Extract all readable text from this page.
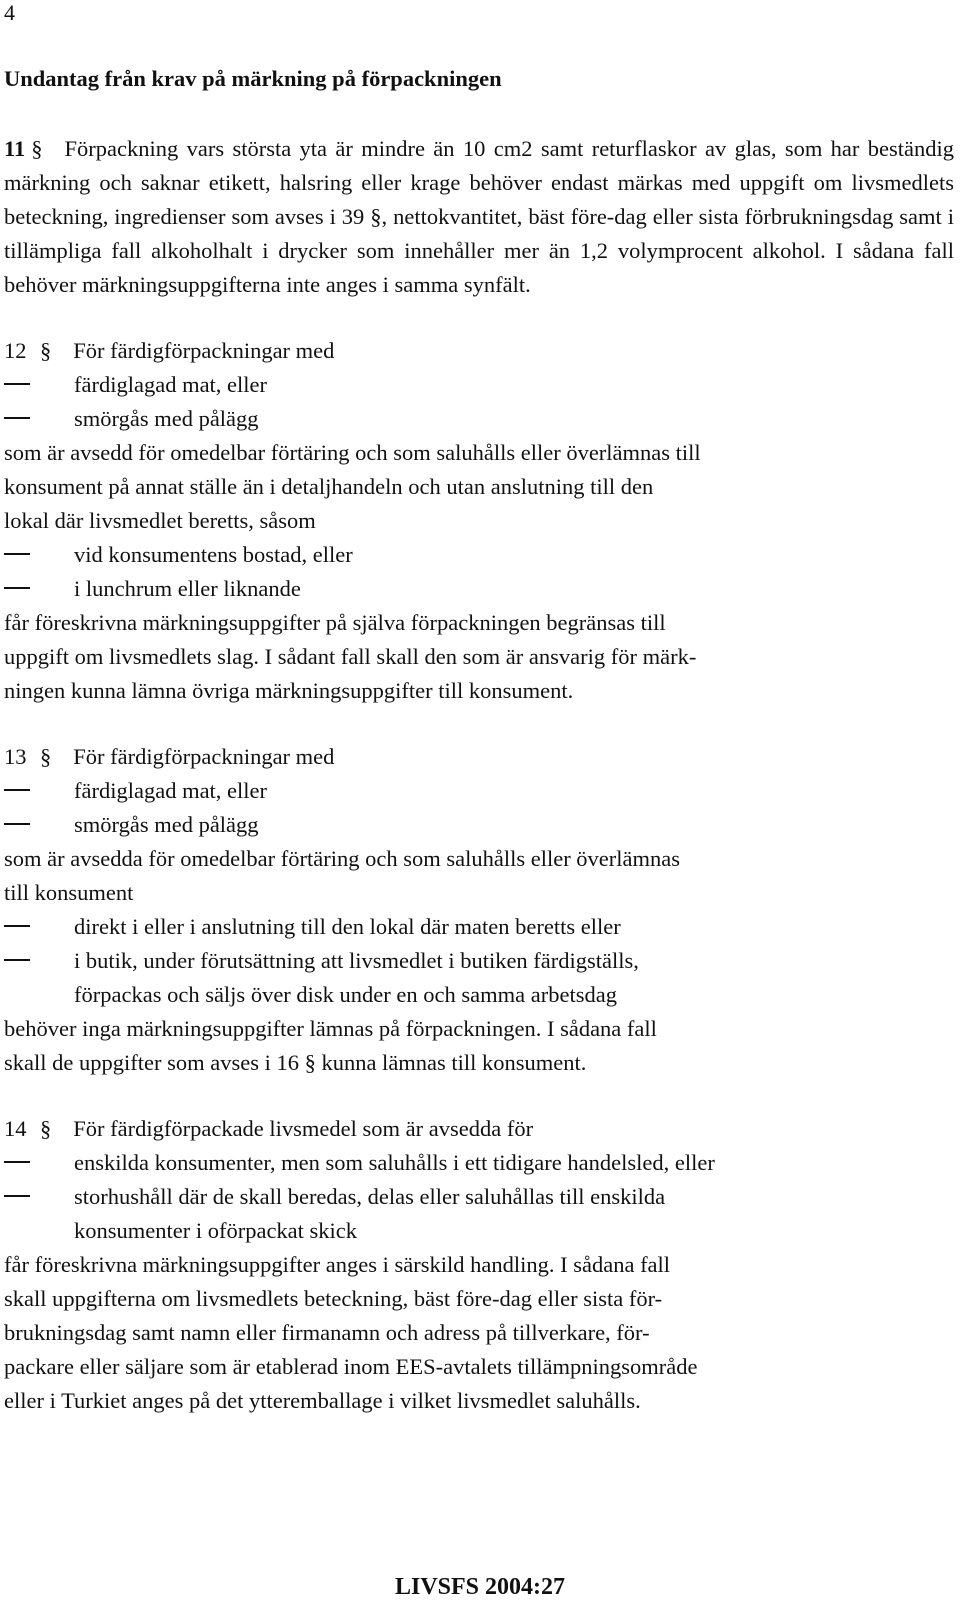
4
Undantag från krav på märkning på förpackningen

11 § Förpackning vars största yta är mindre än 10 cm2 samt returflaskor av glas, som har beständig märkning och saknar etikett, halsring eller krage behöver endast märkas med uppgift om livsmedlets beteckning, ingredienser som avses i 39 §, nettokvantitet, bäst före-dag eller sista förbrukningsdag samt i tillämpliga fall alkoholhalt i drycker som innehåller mer än 1,2 volymprocent alkohol. I sådana fall behöver märkningsuppgifterna inte anges i samma synfält.

12 § För färdigförpackningar med
färdiglagad mat, eller
smörgås med pålägg

som är avsedd för omedelbar förtäring och som saluhålls eller överlämnas till
konsument på annat ställe än i detaljhandeln och utan anslutning till den
lokal där livsmedlet beretts, såsom

vid konsumentens bostad, eller
i lunchrum eller liknande

får föreskrivna märkningsuppgifter på själva förpackningen begränsas till
uppgift om livsmedlets slag. I sådant fall skall den som är ansvarig för märk-
ningen kunna lämna övriga märkningsuppgifter till konsument.

13 § För färdigförpackningar med
färdiglagad mat, eller
smörgås med pålägg

som är avsedda för omedelbar förtäring och som saluhålls eller överlämnas
till konsument

direkt i eller i anslutning till den lokal där maten beretts eller
i butik, under förutsättning att livsmedlet i butiken färdigställs,
förpackas och säljs över disk under en och samma arbetsdag

behöver inga märkningsuppgifter lämnas på förpackningen. I sådana fall
skall de uppgifter som avses i 16 § kunna lämnas till konsument.

14 § För färdigförpackade livsmedel som är avsedda för
enskilda konsumenter, men som saluhålls i ett tidigare handelsled, eller
storhushåll där de skall beredas, delas eller saluhållas till enskilda
konsumenter i oförpackat skick

får föreskrivna märkningsuppgifter anges i särskild handling. I sådana fall
skall uppgifterna om livsmedlets beteckning, bäst före-dag eller sista för-
brukningsdag samt namn eller firmanamn och adress på tillverkare, för-
packare eller säljare som är etablerad inom EES-avtalets tillämpningsområde
eller i Turkiet anges på det ytteremballage i vilket livsmedlet saluhålls.

LIVSFS 2004:27
